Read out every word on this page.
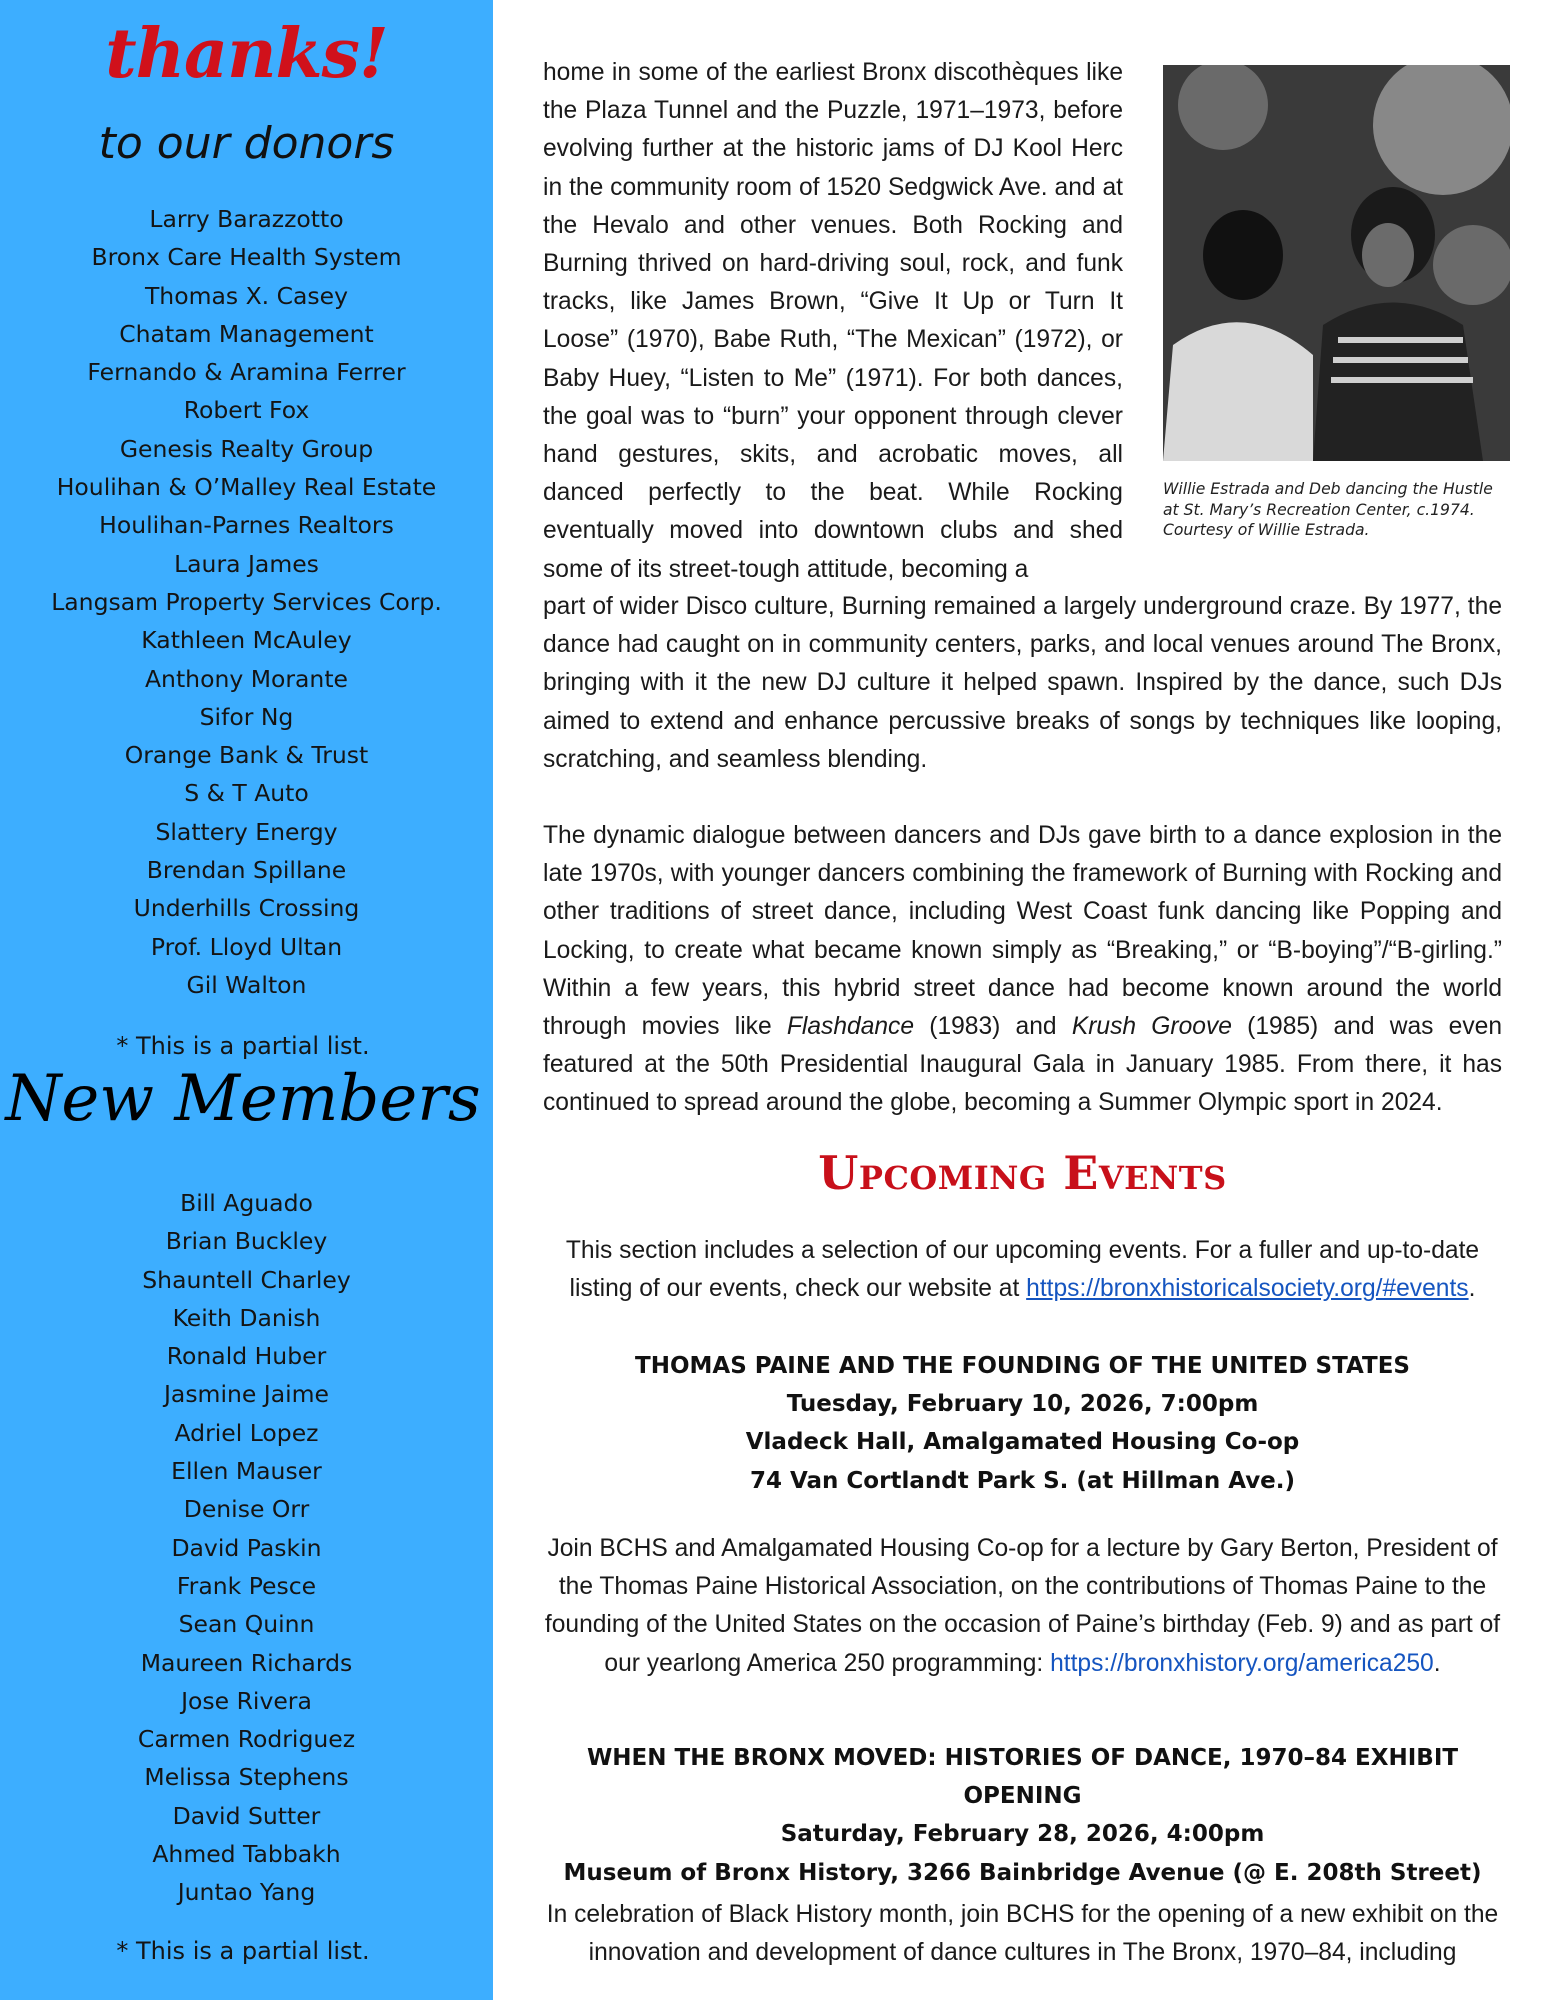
thanks!
to our donors
Larry Barazzotto
Bronx Care Health System
Thomas X. Casey
Chatam Management
Fernando & Aramina Ferrer
Robert Fox
Genesis Realty Group
Houlihan & O’Malley Real Estate
Houlihan-Parnes Realtors
Laura James
Langsam Property Services Corp.
Kathleen McAuley
Anthony Morante
Sifor Ng
Orange Bank & Trust
S & T Auto
Slattery Energy
Brendan Spillane
Underhills Crossing
Prof. Lloyd Ultan
Gil Walton
* This is a partial list.
New Members
Bill Aguado
Brian Buckley
Shauntell Charley
Keith Danish
Ronald Huber
Jasmine Jaime
Adriel Lopez
Ellen Mauser
Denise Orr
David Paskin
Frank Pesce
Sean Quinn
Maureen Richards
Jose Rivera
Carmen Rodriguez
Melissa Stephens
David Sutter
Ahmed Tabbakh
Juntao Yang
* This is a partial list.

home in some of the earliest Bronx discothèques like the Plaza Tunnel and the Puzzle, 1971–1973, before evolving further at the historic jams of DJ Kool Herc in the community room of 1520 Sedgwick Ave. and at the Hevalo and other venues. Both Rocking and Burning thrived on hard-driving soul, rock, and funk tracks, like James Brown, “Give It Up or Turn It Loose” (1970), Babe Ruth, “The Mexican” (1972), or Baby Huey, “Listen to Me” (1971). For both dances, the goal was to “burn” your opponent through clever hand gestures, skits, and acrobatic moves, all danced perfectly to the beat. While Rocking eventually moved into downtown clubs and shed some of its street-tough attitude, becoming a

Willie Estrada and Deb dancing the Hustle at St. Mary’s Recreation Center, c.1974. Courtesy of Willie Estrada.

part of wider Disco culture, Burning remained a largely underground craze. By 1977, the dance had caught on in community centers, parks, and local venues around The Bronx, bringing with it the new DJ culture it helped spawn. Inspired by the dance, such DJs aimed to extend and enhance percussive breaks of songs by techniques like looping, scratching, and seamless blending.

The dynamic dialogue between dancers and DJs gave birth to a dance explosion in the late 1970s, with younger dancers combining the framework of Burning with Rocking and other traditions of street dance, including West Coast funk dancing like Popping and Locking, to create what became known simply as “Breaking,” or “B-boying”/“B-girling.” Within a few years, this hybrid street dance had become known around the world through movies like Flashdance (1983) and Krush Groove (1985) and was even featured at the 50th Presidential Inaugural Gala in January 1985. From there, it has continued to spread around the globe, becoming a Summer Olympic sport in 2024.

Upcoming Events

This section includes a selection of our upcoming events. For a fuller and up-to-date listing of our events, check our website at https://bronxhistoricalsociety.org/#events.

THOMAS PAINE AND THE FOUNDING OF THE UNITED STATES
Tuesday, February 10, 2026, 7:00pm
Vladeck Hall, Amalgamated Housing Co-op
74 Van Cortlandt Park S. (at Hillman Ave.)

Join BCHS and Amalgamated Housing Co-op for a lecture by Gary Berton, President of the Thomas Paine Historical Association, on the contributions of Thomas Paine to the founding of the United States on the occasion of Paine’s birthday (Feb. 9) and as part of our yearlong America 250 programming: https://bronxhistory.org/america250.

WHEN THE BRONX MOVED: HISTORIES OF DANCE, 1970–84 EXHIBIT OPENING
Saturday, February 28, 2026, 4:00pm
Museum of Bronx History, 3266 Bainbridge Avenue (@ E. 208th Street)

In celebration of Black History month, join BCHS for the opening of a new exhibit on the innovation and development of dance cultures in The Bronx, 1970–84, including
